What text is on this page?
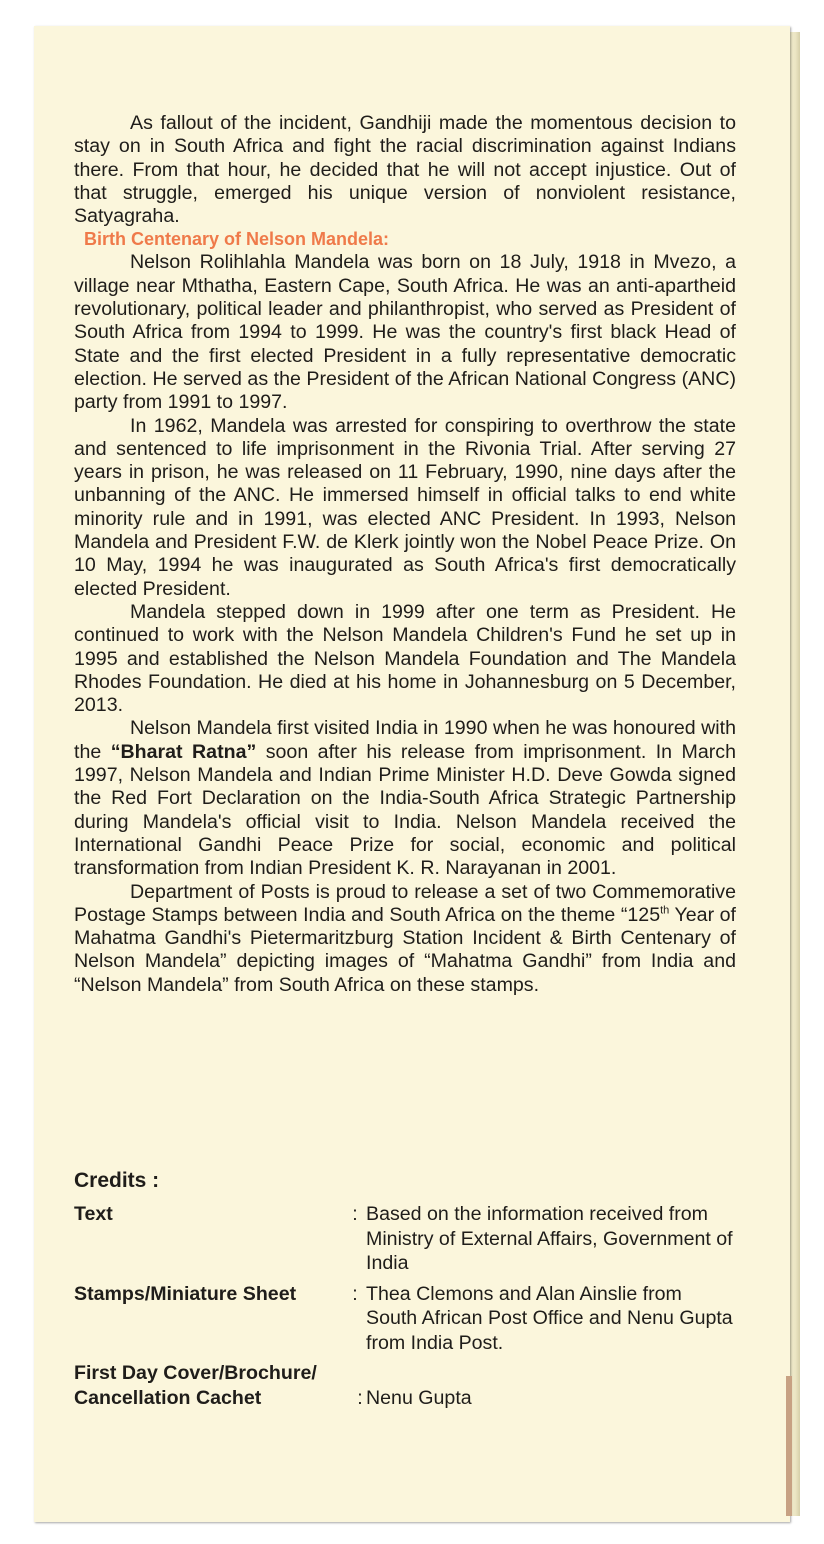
As fallout of the incident, Gandhiji made the momentous decision to stay on in South Africa and fight the racial discrimination against Indians there. From that hour, he decided that he will not accept injustice. Out of that struggle, emerged his unique version of nonviolent resistance, Satyagraha.

Birth Centenary of Nelson Mandela:

Nelson Rolihlahla Mandela was born on 18 July, 1918 in Mvezo, a village near Mthatha, Eastern Cape, South Africa. He was an anti-apartheid revolutionary, political leader and philanthropist, who served as President of South Africa from 1994 to 1999. He was the country's first black Head of State and the first elected President in a fully representative democratic election. He served as the President of the African National Congress (ANC) party from 1991 to 1997.

In 1962, Mandela was arrested for conspiring to overthrow the state and sentenced to life imprisonment in the Rivonia Trial. After serving 27 years in prison, he was released on 11 February, 1990, nine days after the unbanning of the ANC. He immersed himself in official talks to end white minority rule and in 1991, was elected ANC President. In 1993, Nelson Mandela and President F.W. de Klerk jointly won the Nobel Peace Prize. On 10 May, 1994 he was inaugurated as South Africa's first democratically elected President.

Mandela stepped down in 1999 after one term as President. He continued to work with the Nelson Mandela Children's Fund he set up in 1995 and established the Nelson Mandela Foundation and The Mandela Rhodes Foundation. He died at his home in Johannesburg on 5 December, 2013.

Nelson Mandela first visited India in 1990 when he was honoured with the “Bharat Ratna” soon after his release from imprisonment. In March 1997, Nelson Mandela and Indian Prime Minister H.D. Deve Gowda signed the Red Fort Declaration on the India-South Africa Strategic Partnership during Mandela's official visit to India. Nelson Mandela received the International Gandhi Peace Prize for social, economic and political transformation from Indian President K. R. Narayanan in 2001.

Department of Posts is proud to release a set of two Commemorative Postage Stamps between India and South Africa on the theme “125th Year of Mahatma Gandhi's Pietermaritzburg Station Incident & Birth Centenary of Nelson Mandela” depicting images of “Mahatma Gandhi” from India and “Nelson Mandela” from South Africa on these stamps.

Credits :

Text	: Based on the information received from Ministry of External Affairs, Government of India
Stamps/Miniature Sheet	: Thea Clemons and Alan Ainslie from South African Post Office and Nenu Gupta from India Post.
First Day Cover/Brochure/ Cancellation Cachet	: Nenu Gupta
